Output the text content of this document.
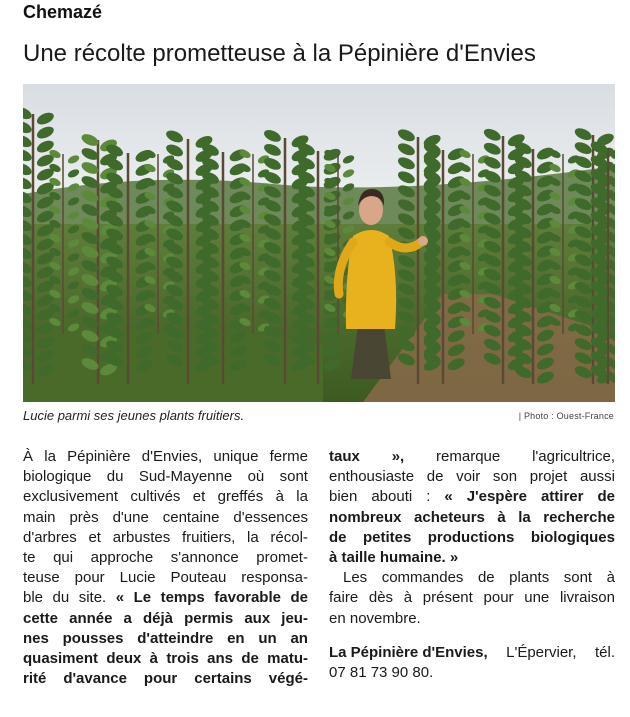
Chemazé
Une récolte prometteuse à la Pépinière d'Envies
Lucie parmi ses jeunes plants fruitiers.	| Photo : Ouest-France
À la Pépinière d'Envies, unique ferme
biologique du Sud-Mayenne où sont
exclusivement cultivés et greffés à la
main près d'une centaine d'essences
d'arbres et arbustes fruitiers, la récol-
te qui approche s'annonce promet-
teuse pour Lucie Pouteau responsa-
ble du site. « Le temps favorable de
cette année a déjà permis aux jeu-
nes pousses d'atteindre en un an
quasiment deux à trois ans de matu-
rité d'avance pour certains végé-
taux », remarque l'agricultrice,
enthousiaste de voir son projet aussi
bien abouti : « J'espère attirer de
nombreux acheteurs à la recherche
de petites productions biologiques
à taille humaine. »
Les commandes de plants sont à
faire dès à présent pour une livraison
en novembre.
La Pépinière d'Envies, L'Épervier, tél.
07 81 73 90 80.
